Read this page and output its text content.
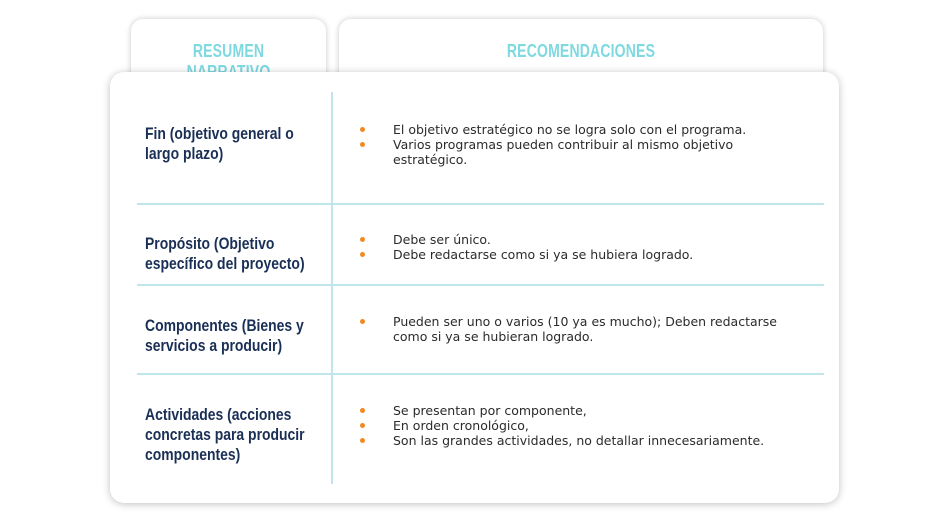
RESUMEN	RECOMENDACIONES
Fin (objetivo general o largo plazo)
El objetivo estratégico no se logra solo con el programa.
Varios programas pueden contribuir al mismo objetivo estratégico.
Propósito (Objetivo específico del proyecto)
Debe ser único.
Debe redactarse como si ya se hubiera logrado.
Componentes (Bienes y servicios a producir)
Pueden ser uno o varios (10 ya es mucho); Deben redactarse como si ya se hubieran logrado.
Actividades (acciones concretas para producir componentes)
Se presentan por componente,
En orden cronológico,
Son las grandes actividades, no detallar innecesariamente.
